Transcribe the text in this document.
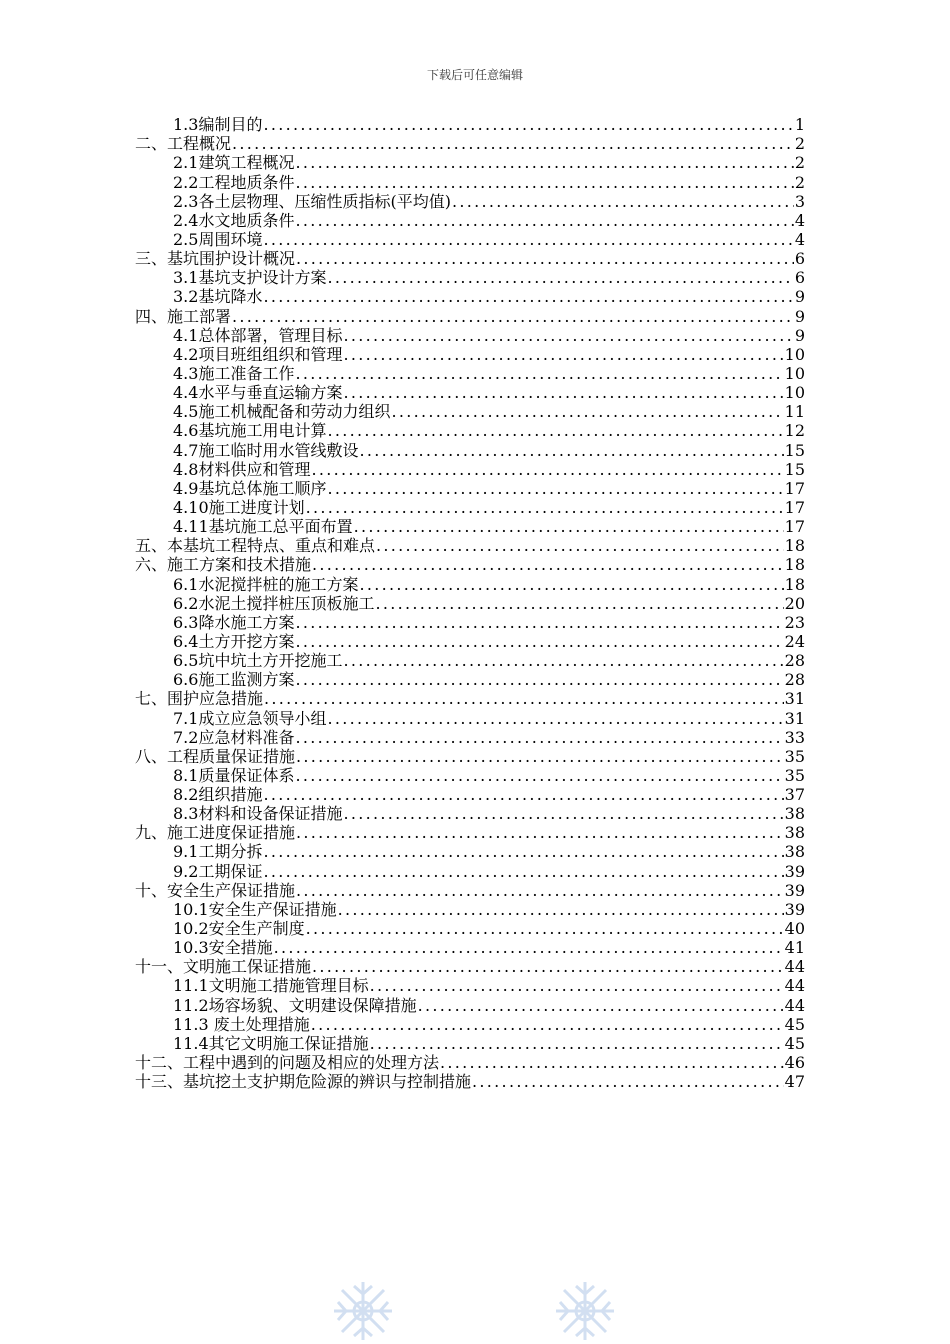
下载后可任意编辑
1.3编制目的 .....	1
二、工程概况 .....	2
2.1建筑工程概况 .....	2
2.2工程地质条件 .....	2
2.3各土层物理、压缩性质指标(平均值) .....	3
2.4水文地质条件 .....	4
2.5周围环境 .....	4
三、基坑围护设计概况 .....	6
3.1基坑支护设计方案 .....	6
3.2基坑降水 .....	9
四、施工部署 .....	9
4.1总体部署，管理目标 .....	9
4.2项目班组组织和管理 .....	10
4.3施工准备工作 .....	10
4.4水平与垂直运输方案 .....	10
4.5施工机械配备和劳动力组织 .....	11
4.6基坑施工用电计算 .....	12
4.7施工临时用水管线敷设 .....	15
4.8材料供应和管理 .....	15
4.9基坑总体施工顺序 .....	17
4.10施工进度计划 .....	17
4.11基坑施工总平面布置 .....	17
五、本基坑工程特点、重点和难点 .....	18
六、施工方案和技术措施 .....	18
6.1水泥搅拌桩的施工方案 .....	18
6.2水泥土搅拌桩压顶板施工 .....	20
6.3降水施工方案 .....	23
6.4土方开挖方案 .....	24
6.5坑中坑土方开挖施工 .....	28
6.6施工监测方案 .....	28
七、围护应急措施 .....	31
7.1成立应急领导小组 .....	31
7.2应急材料准备 .....	33
八、工程质量保证措施 .....	35
8.1质量保证体系 .....	35
8.2组织措施 .....	37
8.3材料和设备保证措施 .....	38
九、施工进度保证措施 .....	38
9.1工期分拆 .....	38
9.2工期保证 .....	39
十、安全生产保证措施 .....	39
10.1安全生产保证措施 .....	39
10.2安全生产制度 .....	40
10.3安全措施 .....	41
十一、文明施工保证措施 .....	44
11.1文明施工措施管理目标 .....	44
11.2场容场貌、文明建设保障措施 .....	44
11.3 废土处理措施 .....	45
11.4其它文明施工保证措施 .....	45
十二、工程中遇到的问题及相应的处理方法 .....	46
十三、基坑挖土支护期危险源的辨识与控制措施 .....	47
